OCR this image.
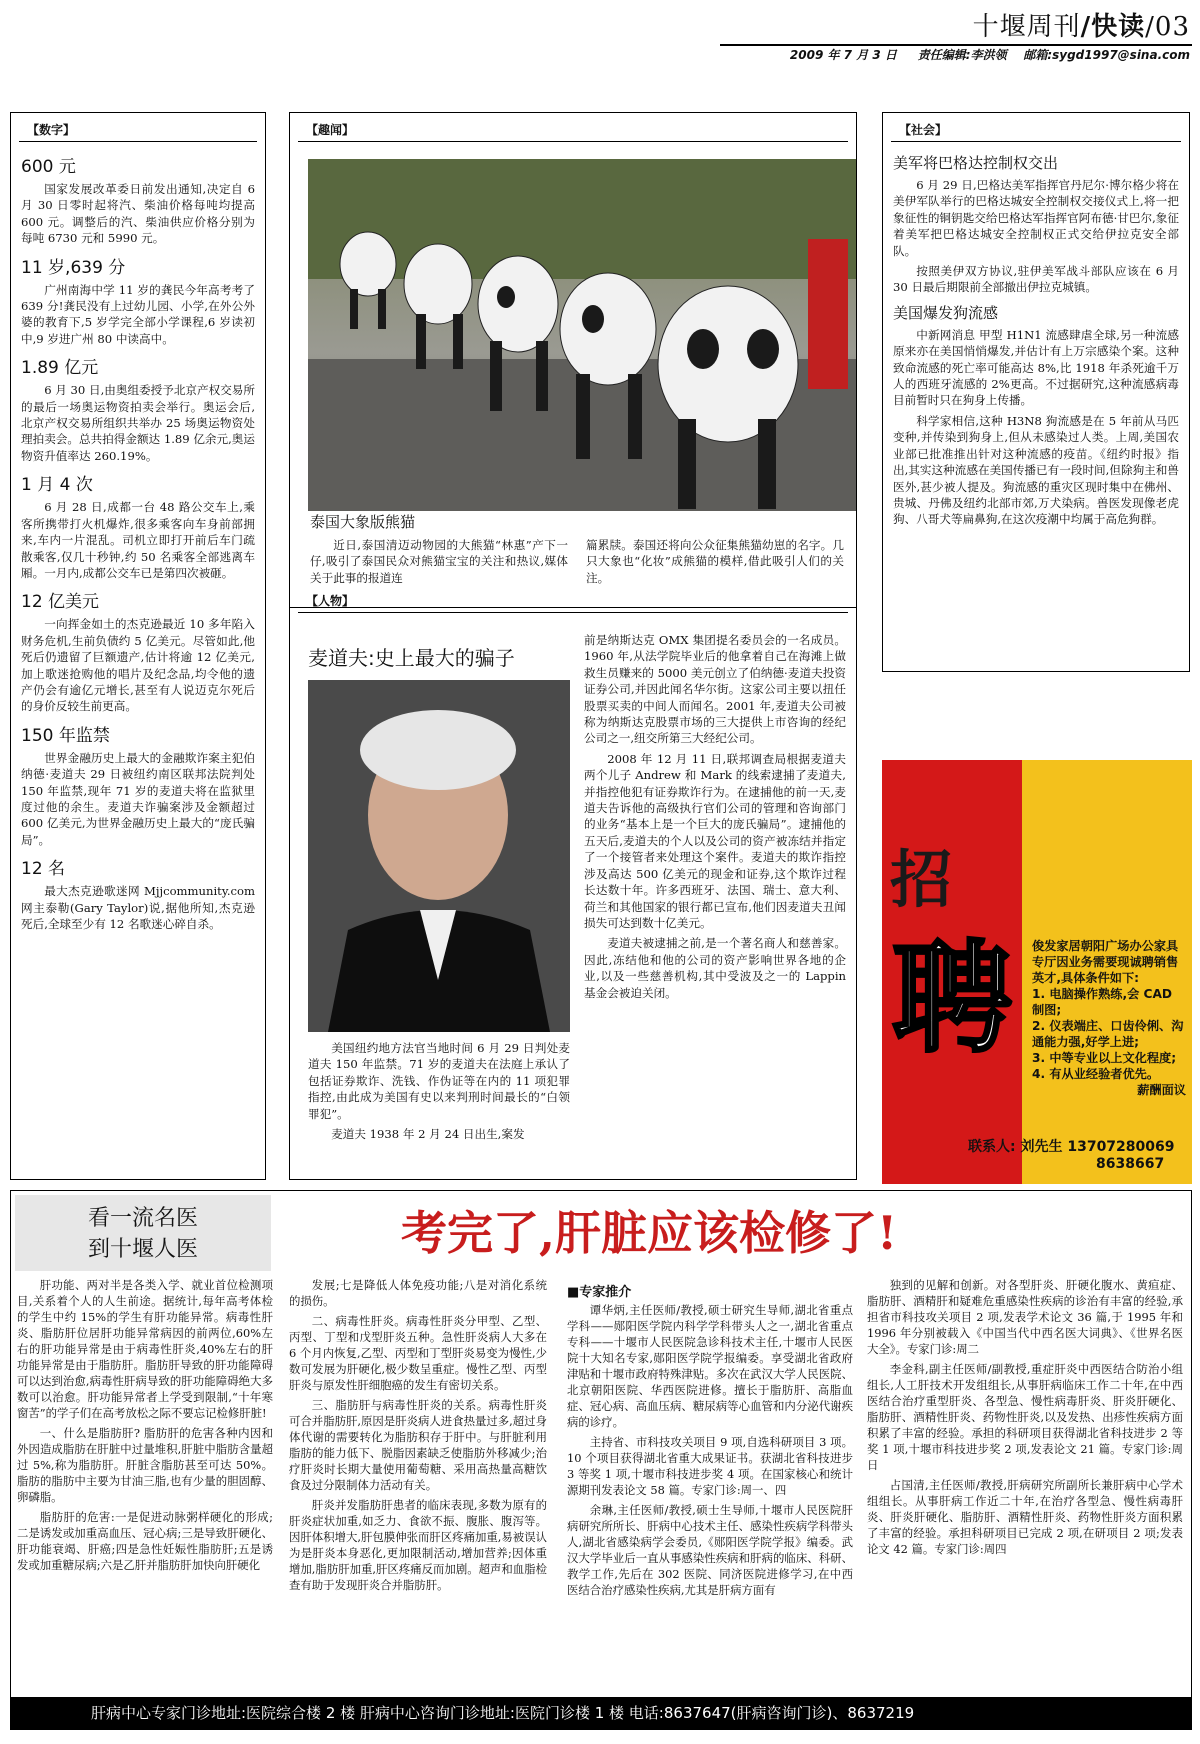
十堰周刊/快读/03
2009 年 7 月 3 日 责任编辑:李洪领 邮箱:sygd1997@sina.com
【数字】
600 元

国家发展改革委日前发出通知,决定自 6 月 30 日零时起将汽、柴油价格每吨均提高 600 元。调整后的汽、柴油供应价格分别为每吨 6730 元和 5990 元。

11 岁,639 分

广州南海中学 11 岁的龚民今年高考考了 639 分!龚民没有上过幼儿园、小学,在外公外婆的教育下,5 岁学完全部小学课程,6 岁读初中,9 岁进广州 80 中读高中。

1.89 亿元

6 月 30 日,由奥组委授予北京产权交易所的最后一场奥运物资拍卖会举行。奥运会后,北京产权交易所组织共举办 25 场奥运物资处理拍卖会。总共拍得金额达 1.89 亿余元,奥运物资升值率达 260.19%。

1 月 4 次

6 月 28 日,成都一台 48 路公交车上,乘客所携带打火机爆炸,很多乘客向车身前部拥来,车内一片混乱。司机立即打开前后车门疏散乘客,仅几十秒钟,约 50 名乘客全部逃离车厢。一月内,成都公交车已是第四次被砸。

12 亿美元

一向挥金如土的杰克逊最近 10 多年陷入财务危机,生前负债约 5 亿美元。尽管如此,他死后仍遗留了巨额遗产,估计将逾 12 亿美元,加上歌迷抢购他的唱片及纪念品,均令他的遗产仍会有逾亿元增长,甚至有人说迈克尔死后的身价反较生前更高。

150 年监禁

世界金融历史上最大的金融欺诈案主犯伯纳德·麦道夫 29 日被纽约南区联邦法院判处 150 年监禁,现年 71 岁的麦道夫将在监狱里度过他的余生。麦道夫诈骗案涉及金额超过 600 亿美元,为世界金融历史上最大的“庞氏骗局”。

12 名

最大杰克逊歌迷网 Mjjcommunity.com 网主泰勒(Gary Taylor)说,据他所知,杰克逊死后,全球至少有 12 名歌迷心碎自杀。

【趣闻】
泰国大象版熊猫

近日,泰国清迈动物园的大熊猫“林惠”产下一仔,吸引了泰国民众对熊猫宝宝的关注和热议,媒体关于此事的报道连

篇累牍。泰国还将向公众征集熊猫幼崽的名字。几只大象也“化妆”成熊猫的模样,借此吸引人们的关注。

【人物】
麦道夫:史上最大的骗子

美国纽约地方法官当地时间 6 月 29 日判处麦道夫 150 年监禁。71 岁的麦道夫在法庭上承认了包括证券欺诈、洗钱、作伪证等在内的 11 项犯罪指控,由此成为美国有史以来判刑时间最长的“白领罪犯”。

麦道夫 1938 年 2 月 24 日出生,案发

前是纳斯达克 OMX 集团提名委员会的一名成员。1960 年,从法学院毕业后的他拿着自己在海滩上做救生员赚来的 5000 美元创立了伯纳德·麦道夫投资证券公司,并因此闻名华尔街。这家公司主要以扭任股票买卖的中间人而闻名。2001 年,麦道夫公司被称为纳斯达克股票市场的三大提供上市咨询的经纪公司之一,纽交所第三大经纪公司。

2008 年 12 月 11 日,联邦调查局根据麦道夫两个儿子 Andrew 和 Mark 的线索逮捕了麦道夫,并指控他犯有证券欺诈行为。在逮捕他的前一天,麦道夫告诉他的高级执行官们公司的管理和咨询部门的业务“基本上是一个巨大的庞氏骗局”。逮捕他的五天后,麦道夫的个人以及公司的资产被冻结并指定了一个接管者来处理这个案件。麦道夫的欺诈指控涉及高达 500 亿美元的现金和证券,这个欺诈过程长达数十年。许多西班牙、法国、瑞士、意大利、荷兰和其他国家的银行都已宣布,他们因麦道夫丑闻损失可达到数十亿美元。

麦道夫被逮捕之前,是一个著名商人和慈善家。因此,冻结他和他的公司的资产影响世界各地的企业,以及一些慈善机构,其中受波及之一的 Lappin 基金会被迫关闭。

【社会】
美军将巴格达控制权交出

6 月 29 日,巴格达美军指挥官丹尼尔·博尔格少将在美伊军队举行的巴格达城安全控制权交接仪式上,将一把象征性的铜钥匙交给巴格达军指挥官阿布德·甘巴尔,象征着美军把巴格达城安全控制权正式交给伊拉克安全部队。

按照美伊双方协议,驻伊美军战斗部队应该在 6 月 30 日最后期限前全部撤出伊拉克城镇。

美国爆发狗流感

中新网消息 甲型 H1N1 流感肆虐全球,另一种流感原来亦在美国悄悄爆发,并估计有上万宗感染个案。这种致命流感的死亡率可能高达 8%,比 1918 年杀死逾千万人的西班牙流感的 2%更高。不过据研究,这种流感病毒目前暂时只在狗身上传播。

科学家相信,这种 H3N8 狗流感是在 5 年前从马匹变种,并传染到狗身上,但从未感染过人类。上周,美国农业部已批准推出针对这种流感的疫苗。《纽约时报》指出,其实这种流感在美国传播已有一段时间,但除狗主和兽医外,甚少被人提及。狗流感的重灾区现时集中在佛州、贵城、丹佛及纽约北部市郊,万犬染病。兽医发现像老虎狗、八哥犬等扁鼻狗,在这次疫潮中均属于高危狗群。

招
聘 俊发家居朝阳广场办公家具专厅因业务需要现诚聘销售英才,具体条件如下:
1. 电脑操作熟练,会 CAD 制图;
2. 仪表端庄、口齿伶俐、沟通能力强,好学上进;
3. 中等专业以上文化程度;
4. 有从业经验者优先。
薪酬面议
联系人: 刘先生 13707280069
8638667
看一流名医
到十堰人医	考完了,肝脏应该检修了!

肝功能、两对半是各类入学、就业首位检测项目,关系着个人的人生前途。据统计,每年高考体检的学生中约 15%的学生有肝功能异常。病毒性肝炎、脂肪肝位居肝功能异常病因的前两位,60%左右的肝功能异常是由于病毒性肝炎,40%左右的肝功能异常是由于脂肪肝。脂肪肝导致的肝功能障碍可以达到治愈,病毒性肝病导致的肝功能障碍绝大多数可以治愈。肝功能异常者上学受到限制,“十年寒窗苦”的学子们在高考放松之际不要忘记检修肝脏!

一、什么是脂肪肝? 脂肪肝的危害各种内因和外因造成脂肪在肝脏中过量堆积,肝脏中脂肪含量超过 5%,称为脂肪肝。肝脏含脂肪甚至可达 50%。脂肪的脂肪中主要为甘油三脂,也有少量的胆固醇、卵磷脂。

脂肪肝的危害:一是促进动脉粥样硬化的形成;二是诱发或加重高血压、冠心病;三是导致肝硬化、肝功能衰竭、肝癌;四是急性妊娠性脂肪肝;五是诱发或加重糖尿病;六是乙肝并脂肪肝加快向肝硬化

发展;七是降低人体免疫功能;八是对消化系统的损伤。

二、病毒性肝炎。病毒性肝炎分甲型、乙型、丙型、丁型和戊型肝炎五种。急性肝炎病人大多在 6 个月内恢复,乙型、丙型和丁型肝炎易变为慢性,少数可发展为肝硬化,极少数呈重症。慢性乙型、丙型肝炎与原发性肝细胞癌的发生有密切关系。

三、脂肪肝与病毒性肝炎的关系。病毒性肝炎可合并脂肪肝,原因是肝炎病人进食热量过多,超过身体代谢的需要转化为脂肪积存于肝中。与肝脏利用脂肪的能力低下、脱脂因素缺乏使脂肪外移减少;治疗肝炎时长期大量使用葡萄糖、采用高热量高糖饮食及过分限制体力活动有关。

肝炎并发脂肪肝患者的临床表现,多数为原有的肝炎症状加重,如乏力、食欲不振、腹胀、腹泻等。因肝体积增大,肝包膜伸张而肝区疼痛加重,易被误认为是肝炎本身恶化,更加限制活动,增加营养;因体重增加,脂肪肝加重,肝区疼痛反而加剧。超声和血脂检查有助于发现肝炎合并脂肪肝。

■专家推介

谭华炳,主任医师/教授,硕士研究生导师,湖北省重点学科——郧阳医学院内科学学科带头人之一,湖北省重点专科——十堰市人民医院急诊科技术主任,十堰市人民医院十大知名专家,郧阳医学院学报编委。享受湖北省政府津贴和十堰市政府特殊津贴。多次在武汉大学人民医院、北京朝阳医院、华西医院进修。擅长于脂肪肝、高脂血症、冠心病、高血压病、糖尿病等心血管和内分泌代谢疾病的诊疗。

主持省、市科技攻关项目 9 项,自选科研项目 3 项。10 个项目获得湖北省重大成果证书。获湖北省科技进步 3 等奖 1 项,十堰市科技进步奖 4 项。在国家核心和统计源期刊发表论文 58 篇。专家门诊:周一、四

余琳,主任医师/教授,硕士生导师,十堰市人民医院肝病研究所所长、肝病中心技术主任、感染性疾病学科带头人,湖北省感染病学会委员,《郧阳医学院学报》编委。武汉大学毕业后一直从事感染性疾病和肝病的临床、科研、教学工作,先后在 302 医院、同济医院进修学习,在中西医结合治疗感染性疾病,尤其是肝病方面有

独到的见解和创新。对各型肝炎、肝硬化腹水、黄疸症、脂肪肝、酒精肝和疑难危重感染性疾病的诊治有丰富的经验,承担省市科技攻关项目 2 项,发表学术论文 36 篇,于 1995 年和 1996 年分别被载入《中国当代中西名医大词典》、《世界名医大全》。专家门诊:周二

李金科,副主任医师/副教授,重症肝炎中西医结合防治小组组长,人工肝技术开发组组长,从事肝病临床工作二十年,在中西医结合治疗重型肝炎、各型急、慢性病毒肝炎、肝炎肝硬化、脂肪肝、酒精性肝炎、药物性肝炎,以及发热、出疹性疾病方面积累了丰富的经验。承担的科研项目获得湖北省科技进步 2 等奖 1 项,十堰市科技进步奖 2 项,发表论文 21 篇。专家门诊:周日

占国清,主任医师/教授,肝病研究所副所长兼肝病中心学术组组长。从事肝病工作近二十年,在治疗各型急、慢性病毒肝炎、肝炎肝硬化、脂肪肝、酒精性肝炎、药物性肝炎方面积累了丰富的经验。承担科研项目已完成 2 项,在研项目 2 项;发表论文 42 篇。专家门诊:周四

肝病中心专家门诊地址:医院综合楼 2 楼 肝病中心咨询门诊地址:医院门诊楼 1 楼 电话:8637647(肝病咨询门诊)、8637219
